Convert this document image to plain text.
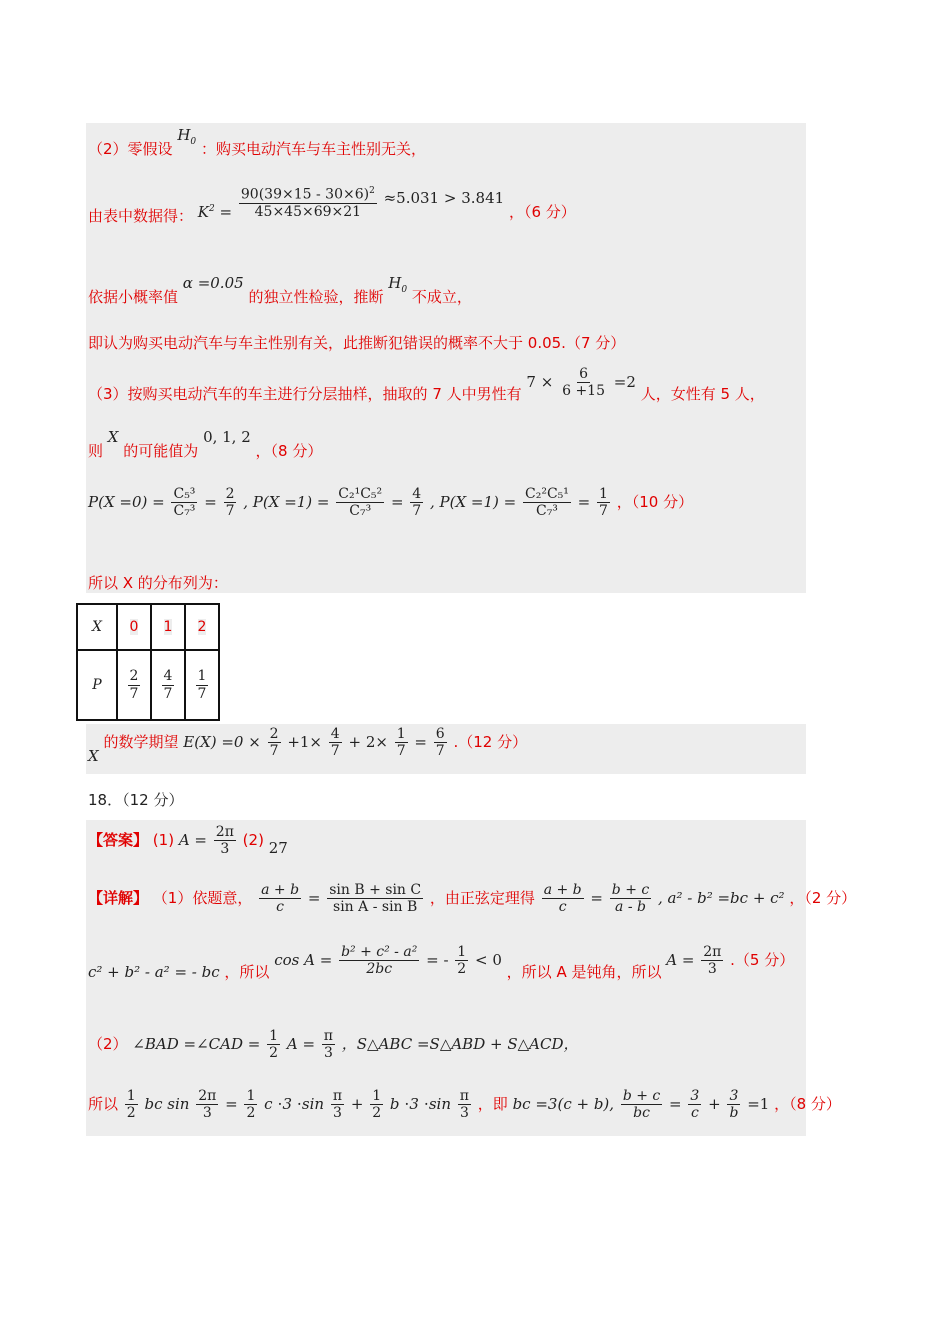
（2）零假设 $H_0$ ：购买电动汽车与车主性别无关，
由表中数据得： $K^2 = \frac{90(39\times 15 - 30\times 6)^2}{45\times 45\times 69\times 21} \approx 5.031 > 3.841$ ，（6 分）
依据小概率值 α =0.05 的独立性检验，推断 $H_0$ 不成立，
即认为购买电动汽车与车主性别有关，此推断犯错误的概率不大于 0.05.（7 分）
（3）按购买电动汽车的车主进行分层抽样，抽取的 7 人中男性有 $7 \times \frac{6}{6 +15} =2$ 人，女性有 5 人，
则 X 的可能值为 0, 1, 2 ，（8 分）
$P(X =0) = \frac{\text{C₅³}}{\text{C₇³}} = \frac{2}{7}$ , $P(X =1) = \frac{\text{C₂¹C₅²}}{\text{C₇³}} = \frac{4}{7}$ , $P(X =1) = \frac{\text{C₂²C₅¹}}{\text{C₇³}} = \frac{1}{7}$ ，（10 分）
所以 X 的分布列为：
X	0	1	2
P	$\frac{2}{7}$	$\frac{4}{7}$	$\frac{1}{7}$
X 的数学期望 $E(X) =0 \times \frac{2}{7} +1\times \frac{4}{7} + 2\times \frac{1}{7} = \frac{6}{7} .(12$ 分）
18．（12 分）
【答案】 (1) $A = \frac{2\pi}{3} (2)$ 27
【详解】 （1）依题意， $\frac{a + b}{c} = \frac{\text{sin B + sin C}}{\text{sin A - sin B}}$ ，由正弦定理得 $\frac{a + b}{c} = \frac{b + c}{a - b}$ , a² - b² =bc + c² ，（2 分）
c² + b² - a² = - bc ，所以 $\cos A = \frac{\text{b² + c² - a²}}{2bc}$ = - $\frac{1}{2} < 0$ ，所以 A 是钝角，所以 $A = \frac{2\pi}{3} .(5$ 分）
（2） ∠BAD =∠CAD = $\frac{1}{2}$ $A = \frac{\pi}{3}$ ，S△ABC =S△ABD + S△ACD，
所以 $\frac{1}{2}$ bc $\sin \frac{2\pi}{3} = \frac{1}{2}$ $c \cdot 3 \cdot\sin \frac{\pi}{3} + \frac{1}{2}$ $b \cdot 3 \cdot\sin \frac{\pi}{3}$ ，即 bc =3(c + b), $\frac{b + c}{bc} = \frac{3}{c} + \frac{3}{b} =1$ ，（8 分）
